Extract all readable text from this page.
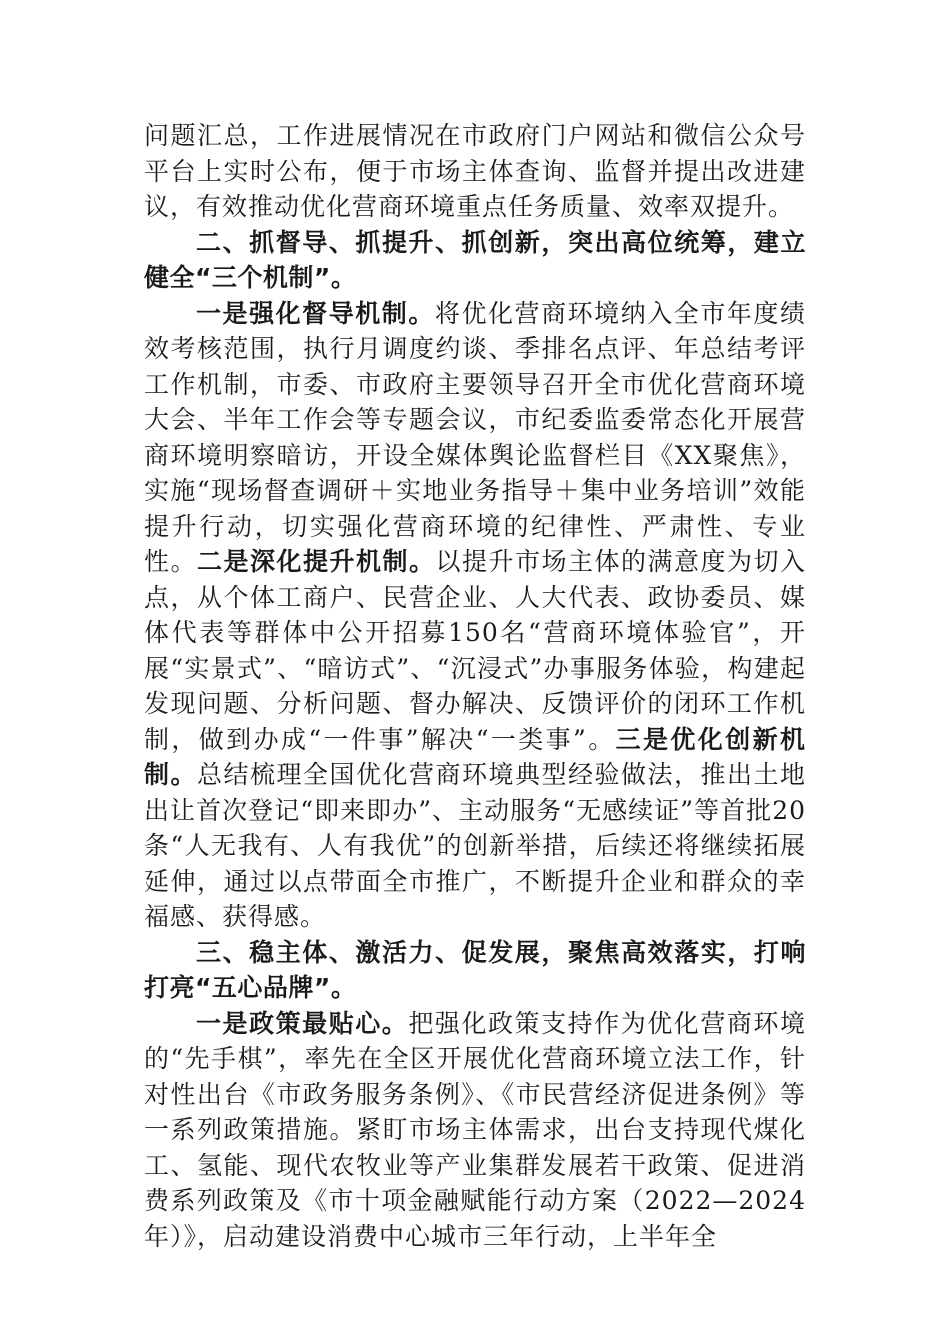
问题汇总，工作进展情况在市政府门户网站和微信公众号平台上实时公布，便于市场主体查询、监督并提出改进建议，有效推动优化营商环境重点任务质量、效率双提升。

二、抓督导、抓提升、抓创新，突出高位统筹，建立健全“三个机制”。

一是强化督导机制。将优化营商环境纳入全市年度绩效考核范围，执行月调度约谈、季排名点评、年总结考评工作机制，市委、市政府主要领导召开全市优化营商环境大会、半年工作会等专题会议，市纪委监委常态化开展营商环境明察暗访，开设全媒体舆论监督栏目《XX聚焦》，实施“现场督查调研＋实地业务指导＋集中业务培训”效能提升行动，切实强化营商环境的纪律性、严肃性、专业性。二是深化提升机制。以提升市场主体的满意度为切入点，从个体工商户、民营企业、人大代表、政协委员、媒体代表等群体中公开招募150名“营商环境体验官”，开展“实景式”、“暗访式”、“沉浸式”办事服务体验，构建起发现问题、分析问题、督办解决、反馈评价的闭环工作机制，做到办成“一件事”解决“一类事”。三是优化创新机制。总结梳理全国优化营商环境典型经验做法，推出土地出让首次登记“即来即办”、主动服务“无感续证”等首批20条“人无我有、人有我优”的创新举措，后续还将继续拓展延伸，通过以点带面全市推广，不断提升企业和群众的幸福感、获得感。

三、稳主体、激活力、促发展，聚焦高效落实，打响打亮“五心品牌”。

一是政策最贴心。把强化政策支持作为优化营商环境的“先手棋”，率先在全区开展优化营商环境立法工作，针对性出台《市政务服务条例》、《市民营经济促进条例》等一系列政策措施。紧盯市场主体需求，出台支持现代煤化工、氢能、现代农牧业等产业集群发展若干政策、促进消费系列政策及《市十项金融赋能行动方案（2022—2024年）》，启动建设消费中心城市三年行动，上半年全
